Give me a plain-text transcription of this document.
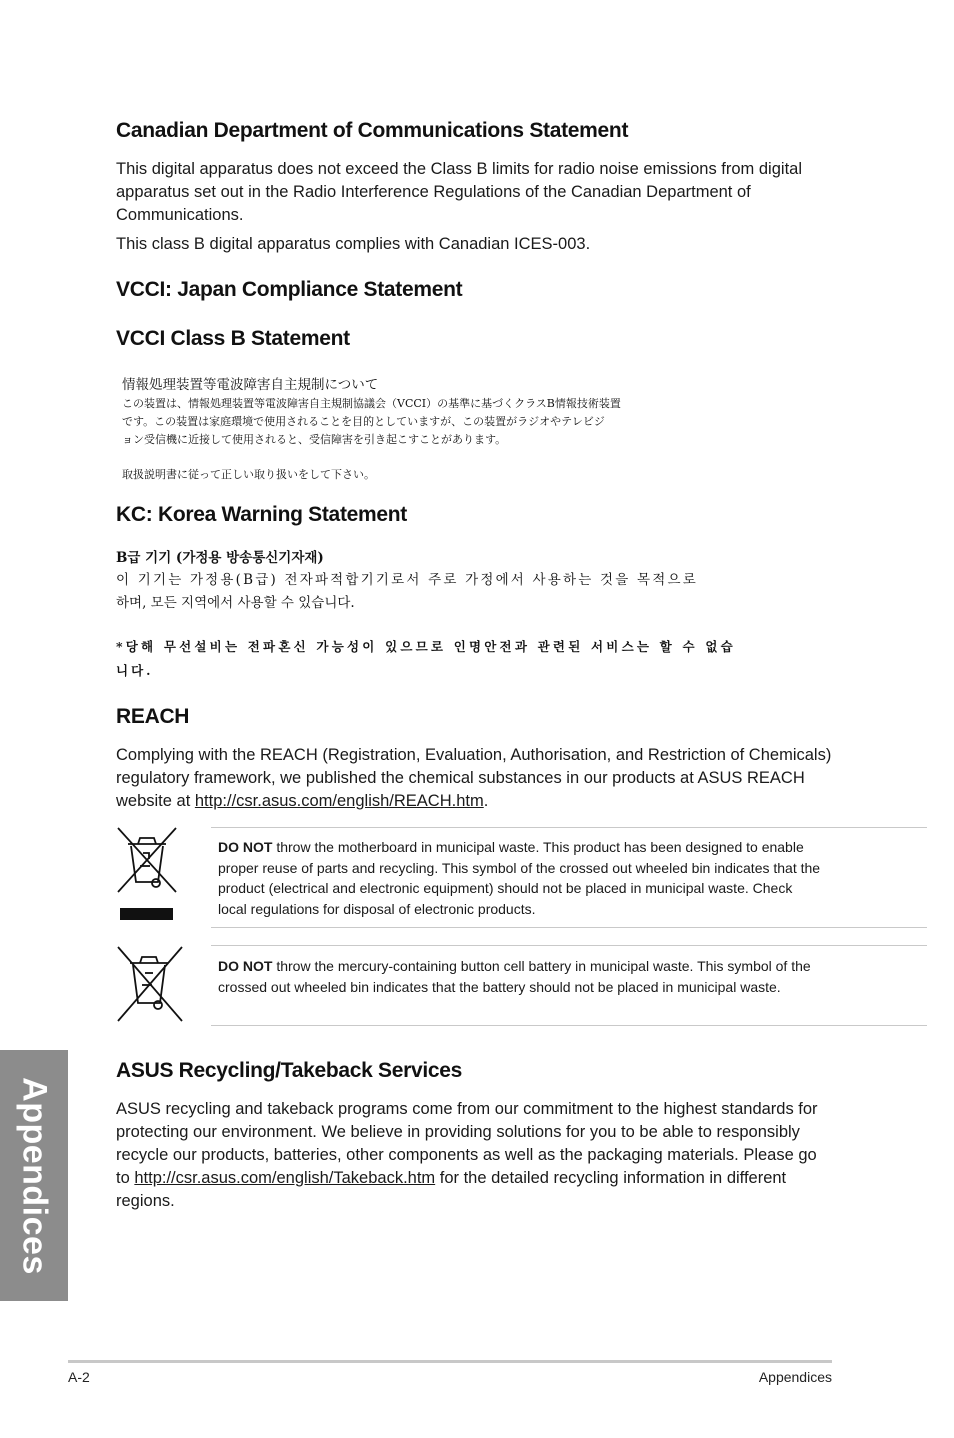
Canadian Department of Communications Statement

This digital apparatus does not exceed the Class B limits for radio noise emissions from digital apparatus set out in the Radio Interference Regulations of the Canadian Department of Communications.

This class B digital apparatus complies with Canadian ICES-003.

VCCI: Japan Compliance Statement
VCCI Class B Statement
情報処理装置等電波障害自主規制について
この装置は、情報処理装置等電波障害自主規制協議会（VCCI）の基準に基づくクラスB情報技術装置
です。この装置は家庭環境で使用されることを目的としていますが、この装置がラジオやテレビジ
ョン受信機に近接して使用されると、受信障害を引き起こすことがあります。
取扱説明書に従って正しい取り扱いをして下さい。
KC: Korea Warning Statement
B급 기기 (가정용 방송통신기자재)
이 기기는 가정용(B급) 전자파적합기기로서 주로 가정에서 사용하는 것을 목적으로
하며, 모든 지역에서 사용할 수 있습니다.
*당해 무선설비는 전파혼신 가능성이 있으므로 인명안전과 관련된 서비스는 할 수 없습
니다.
REACH

Complying with the REACH (Registration, Evaluation, Authorisation, and Restriction of Chemicals) regulatory framework, we published the chemical substances in our products at ASUS REACH website at http://csr.asus.com/english/REACH.htm.

DO NOT throw the motherboard in municipal waste. This product has been designed to enable proper reuse of parts and recycling. This symbol of the crossed out wheeled bin indicates that the product (electrical and electronic equipment) should not be placed in municipal waste. Check local regulations for disposal of electronic products.

DO NOT throw the mercury-containing button cell battery in municipal waste. This symbol of the crossed out wheeled bin indicates that the battery should not be placed in municipal waste.

ASUS Recycling/Takeback Services

ASUS recycling and takeback programs come from our commitment to the highest standards for protecting our environment. We believe in providing solutions for you to be able to responsibly recycle our products, batteries, other components as well as the packaging materials. Please go to http://csr.asus.com/english/Takeback.htm for the detailed recycling information in different regions.

Appendices
A-2	Appendices
